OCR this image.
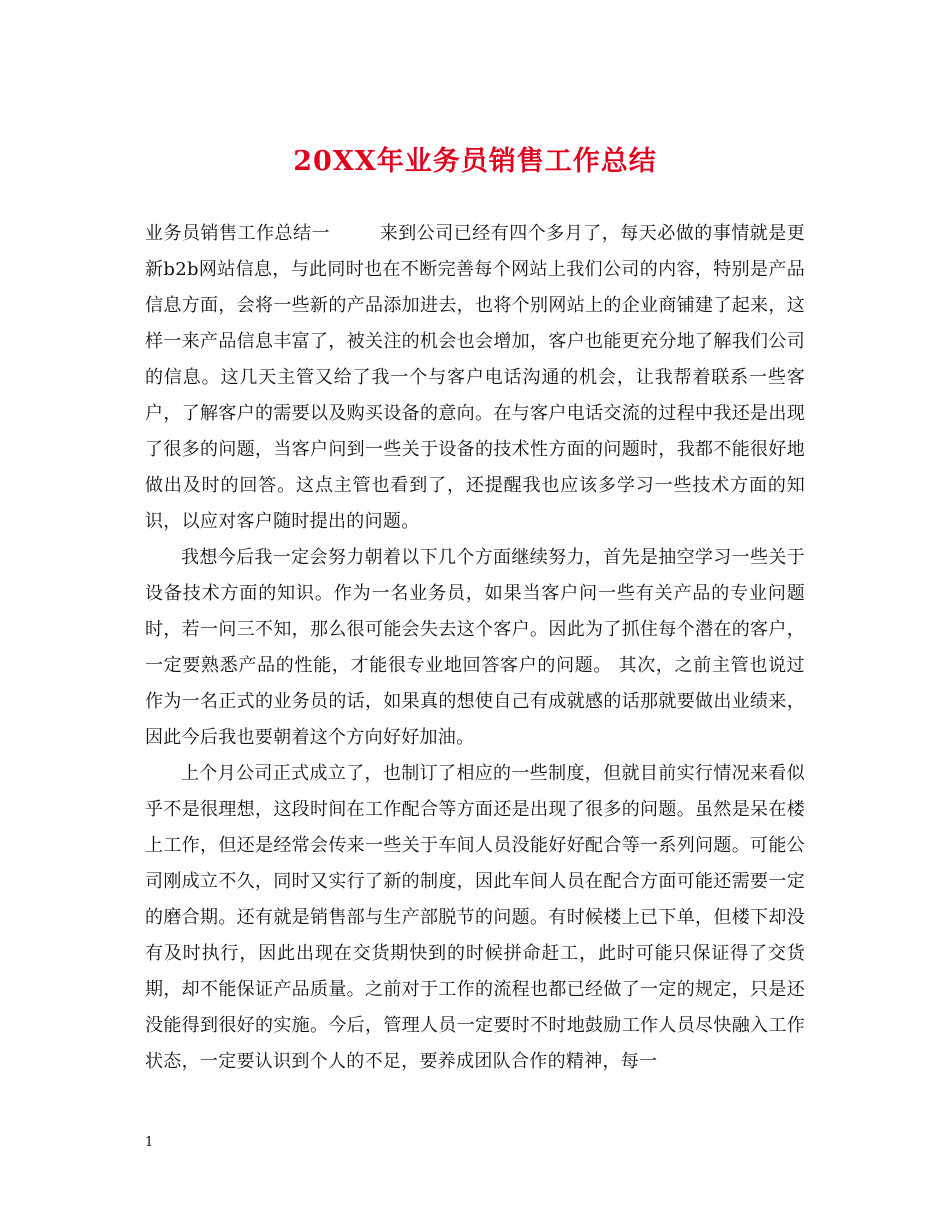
20XX年业务员销售工作总结

业务员销售工作总结一	来到公司已经有四个多月了，每天必做的事情就是更新b2b网站信息，与此同时也在不断完善每个网站上我们公司的内容，特别是产品信息方面，会将一些新的产品添加进去，也将个别网站上的企业商铺建了起来，这样一来产品信息丰富了，被关注的机会也会增加，客户也能更充分地了解我们公司的信息。这几天主管又给了我一个与客户电话沟通的机会，让我帮着联系一些客户，了解客户的需要以及购买设备的意向。在与客户电话交流的过程中我还是出现了很多的问题，当客户问到一些关于设备的技术性方面的问题时，我都不能很好地做出及时的回答。这点主管也看到了，还提醒我也应该多学习一些技术方面的知识，以应对客户随时提出的问题。

我想今后我一定会努力朝着以下几个方面继续努力，首先是抽空学习一些关于设备技术方面的知识。作为一名业务员，如果当客户问一些有关产品的专业问题时，若一问三不知，那么很可能会失去这个客户。因此为了抓住每个潜在的客户，一定要熟悉产品的性能，才能很专业地回答客户的问题。 其次，之前主管也说过作为一名正式的业务员的话，如果真的想使自己有成就感的话那就要做出业绩来，因此今后我也要朝着这个方向好好加油。

上个月公司正式成立了，也制订了相应的一些制度，但就目前实行情况来看似乎不是很理想，这段时间在工作配合等方面还是出现了很多的问题。虽然是呆在楼上工作，但还是经常会传来一些关于车间人员没能好好配合等一系列问题。可能公司刚成立不久，同时又实行了新的制度，因此车间人员在配合方面可能还需要一定的磨合期。还有就是销售部与生产部脱节的问题。有时候楼上已下单，但楼下却没有及时执行，因此出现在交货期快到的时候拼命赶工，此时可能只保证得了交货期，却不能保证产品质量。之前对于工作的流程也都已经做了一定的规定，只是还没能得到很好的实施。今后，管理人员一定要时不时地鼓励工作人员尽快融入工作状态，一定要认识到个人的不足，要养成团队合作的精神，每一

1
